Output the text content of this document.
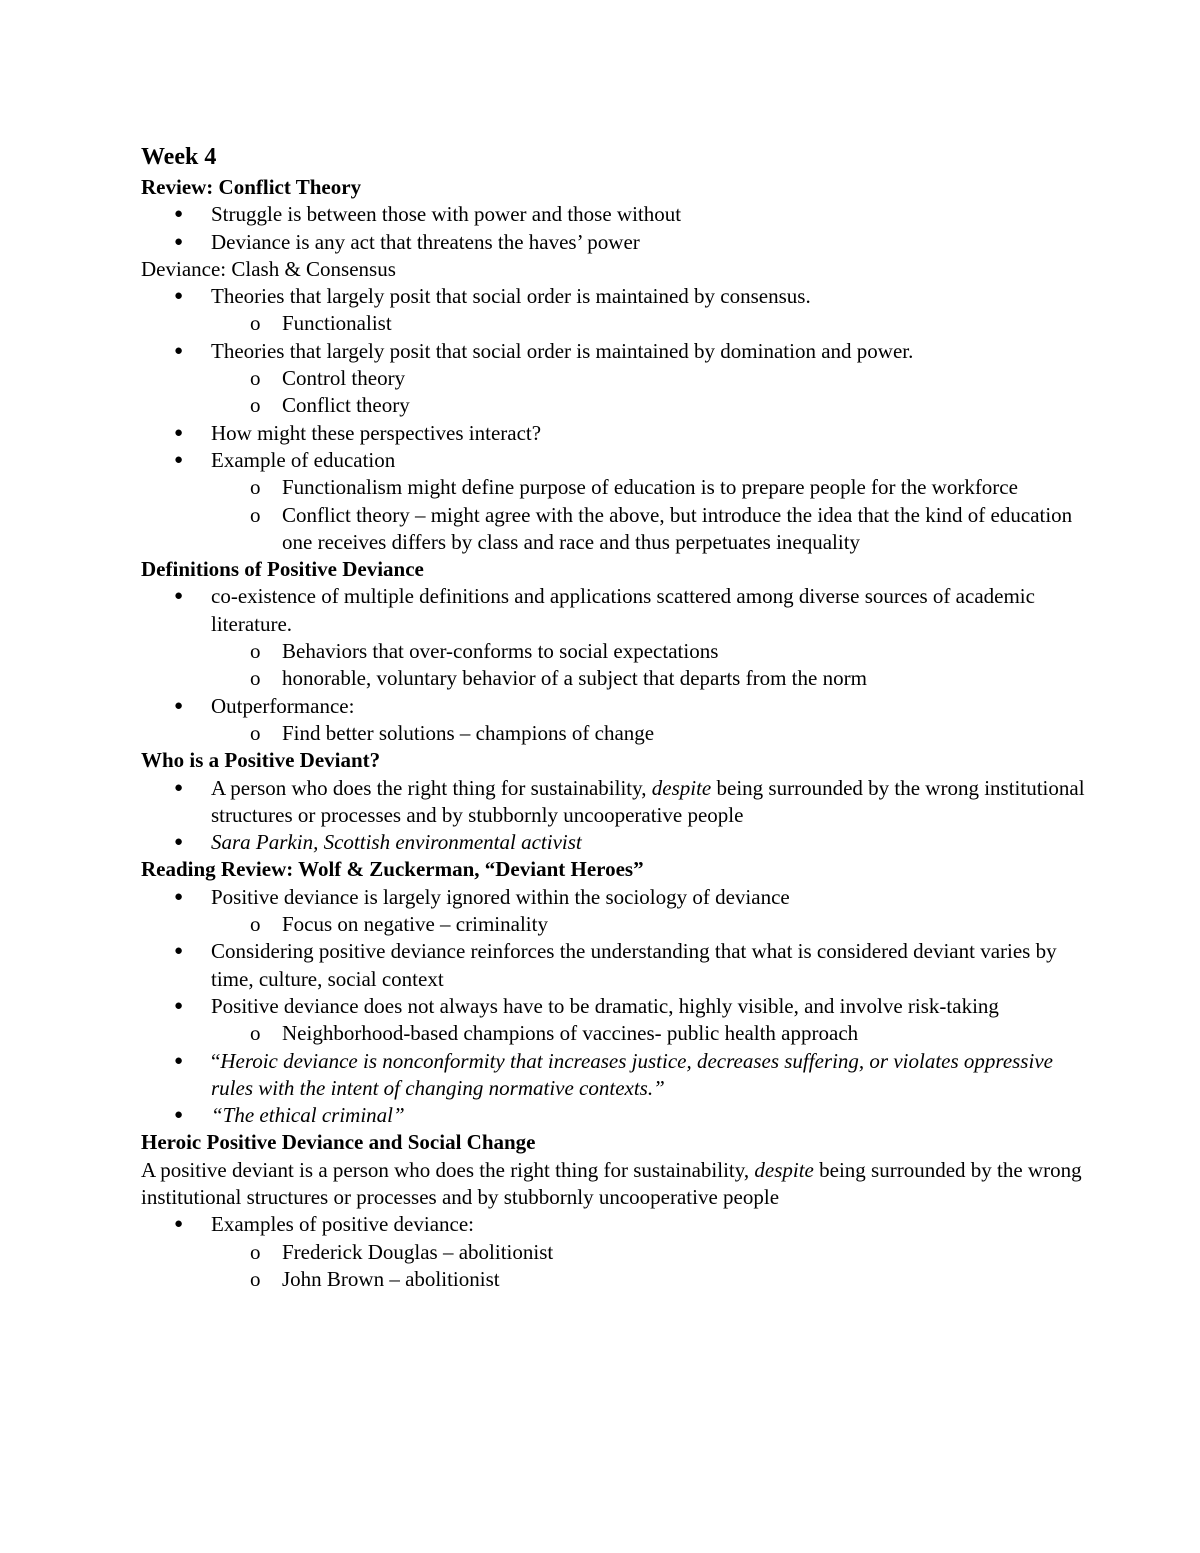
Week 4
Review: Conflict Theory
● Struggle is between those with power and those without
● Deviance is any act that threatens the haves’ power
Deviance: Clash & Consensus
● Theories that largely posit that social order is maintained by consensus.
o Functionalist
● Theories that largely posit that social order is maintained by domination and power.
o Control theory
o Conflict theory
● How might these perspectives interact?
● Example of education
o Functionalism might define purpose of education is to prepare people for the workforce
o Conflict theory – might agree with the above, but introduce the idea that the kind of education one receives differs by class and race and thus perpetuates inequality
Definitions of Positive Deviance
● co-existence of multiple definitions and applications scattered among diverse sources of academic literature.
o Behaviors that over-conforms to social expectations
o honorable, voluntary behavior of a subject that departs from the norm
● Outperformance:
o Find better solutions – champions of change
Who is a Positive Deviant?
● A person who does the right thing for sustainability, despite being surrounded by the wrong institutional structures or processes and by stubbornly uncooperative people
● Sara Parkin, Scottish environmental activist
Reading Review: Wolf & Zuckerman, “Deviant Heroes”
● Positive deviance is largely ignored within the sociology of deviance
o Focus on negative – criminality
● Considering positive deviance reinforces the understanding that what is considered deviant varies by time, culture, social context
● Positive deviance does not always have to be dramatic, highly visible, and involve risk-taking
o Neighborhood-based champions of vaccines- public health approach
● “Heroic deviance is nonconformity that increases justice, decreases suffering, or violates oppressive rules with the intent of changing normative contexts.”
● “The ethical criminal”
Heroic Positive Deviance and Social Change
A positive deviant is a person who does the right thing for sustainability, despite being surrounded by the wrong institutional structures or processes and by stubbornly uncooperative people
● Examples of positive deviance:
o Frederick Douglas – abolitionist
o John Brown – abolitionist
